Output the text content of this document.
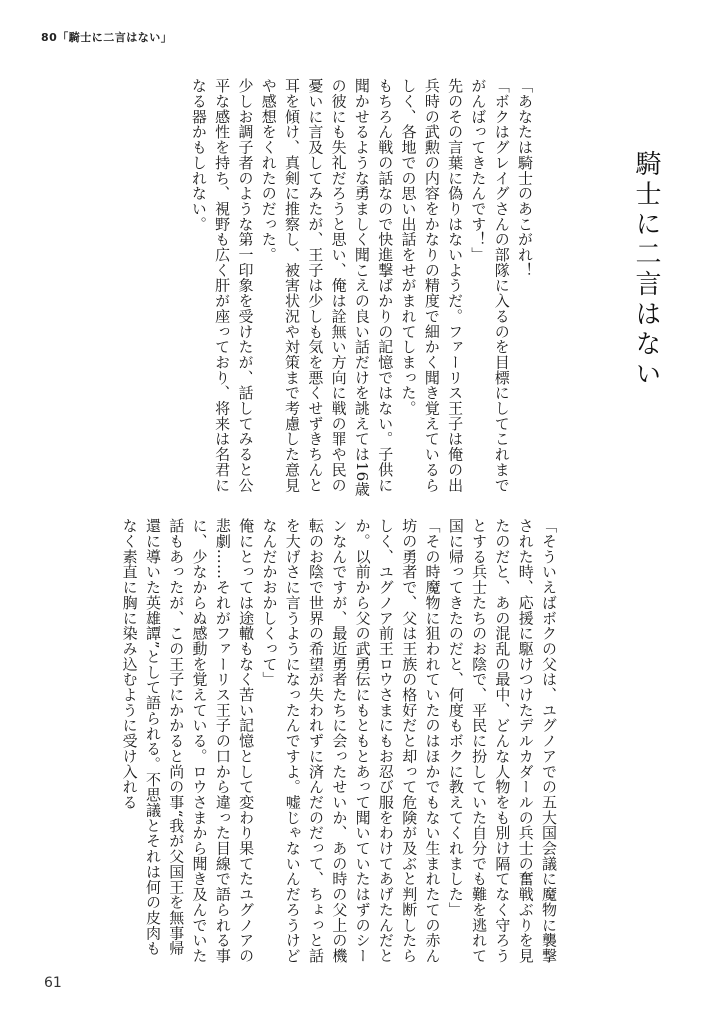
80「騎士に二言はない」
騎士に二言はない

「あなたは騎士のあこがれ！

「ボクはグレイグさんの部隊に入るのを目標にしてこれまでがんばってきたんです！」

先のその言葉に偽りはないようだ。ファーリス王子は俺の出兵時の武勲の内容をかなりの精度で細かく聞き覚えているらしく、各地での思い出話をせがまれてしまった。

もちろん戦の話なので快進撃ばかりの記憶ではない。子供に聞かせるような勇ましく聞こえの良い話だけを誂えては16歳の彼にも失礼だろうと思い、俺は詮無い方向に戦の罪や民の憂いに言及してみたが、王子は少しも気を悪くせずきちんと耳を傾け、真剣に推察し、被害状況や対策まで考慮した意見や感想をくれたのだった。

少しお調子者のような第一印象を受けたが、話してみると公平な感性を持ち、視野も広く肝が座っており、将来は名君になる器かもしれない。

「そういえばボクの父は、ユグノアでの五大国会議に魔物に襲撃された時、応援に駆けつけたデルカダールの兵士の奮戦ぶりを見たのだと、あの混乱の最中、どんな人物をも別け隔てなく守ろうとする兵士たちのお陰で、平民に扮していた自分でも難を逃れて国に帰ってきたのだと、何度もボクに教えてくれました」

「その時魔物に狙われていたのはほかでもない生まれたての赤ん坊の勇者で、父は王族の格好だと却って危険が及ぶと判断したらしく、ユグノア前王ロウさまにもお忍び服をわけてあげたんだとか。以前から父の武勇伝にもともとあって聞いていたはずのシーンなんですが、最近勇者たちに会ったせいか、あの時の父上の機転のお陰で世界の希望が失われずに済んだのだって、ちょっと話を大げさに言うようになったんですよ。嘘じゃないんだろうけどなんだかおかしくって」

俺にとっては途轍もなく苦い記憶として変わり果てたユグノアの悲劇……それがファーリス王子の口から違った目線で語られる事に、少なからぬ感動を覚えている。ロウさまから聞き及んでいた話もあったが、この王子にかかると尚の事“我が父国王を無事帰還に導いた英雄譚”として語られる。不思議とそれは何の皮肉もなく素直に胸に染み込むように受け入れる

61
